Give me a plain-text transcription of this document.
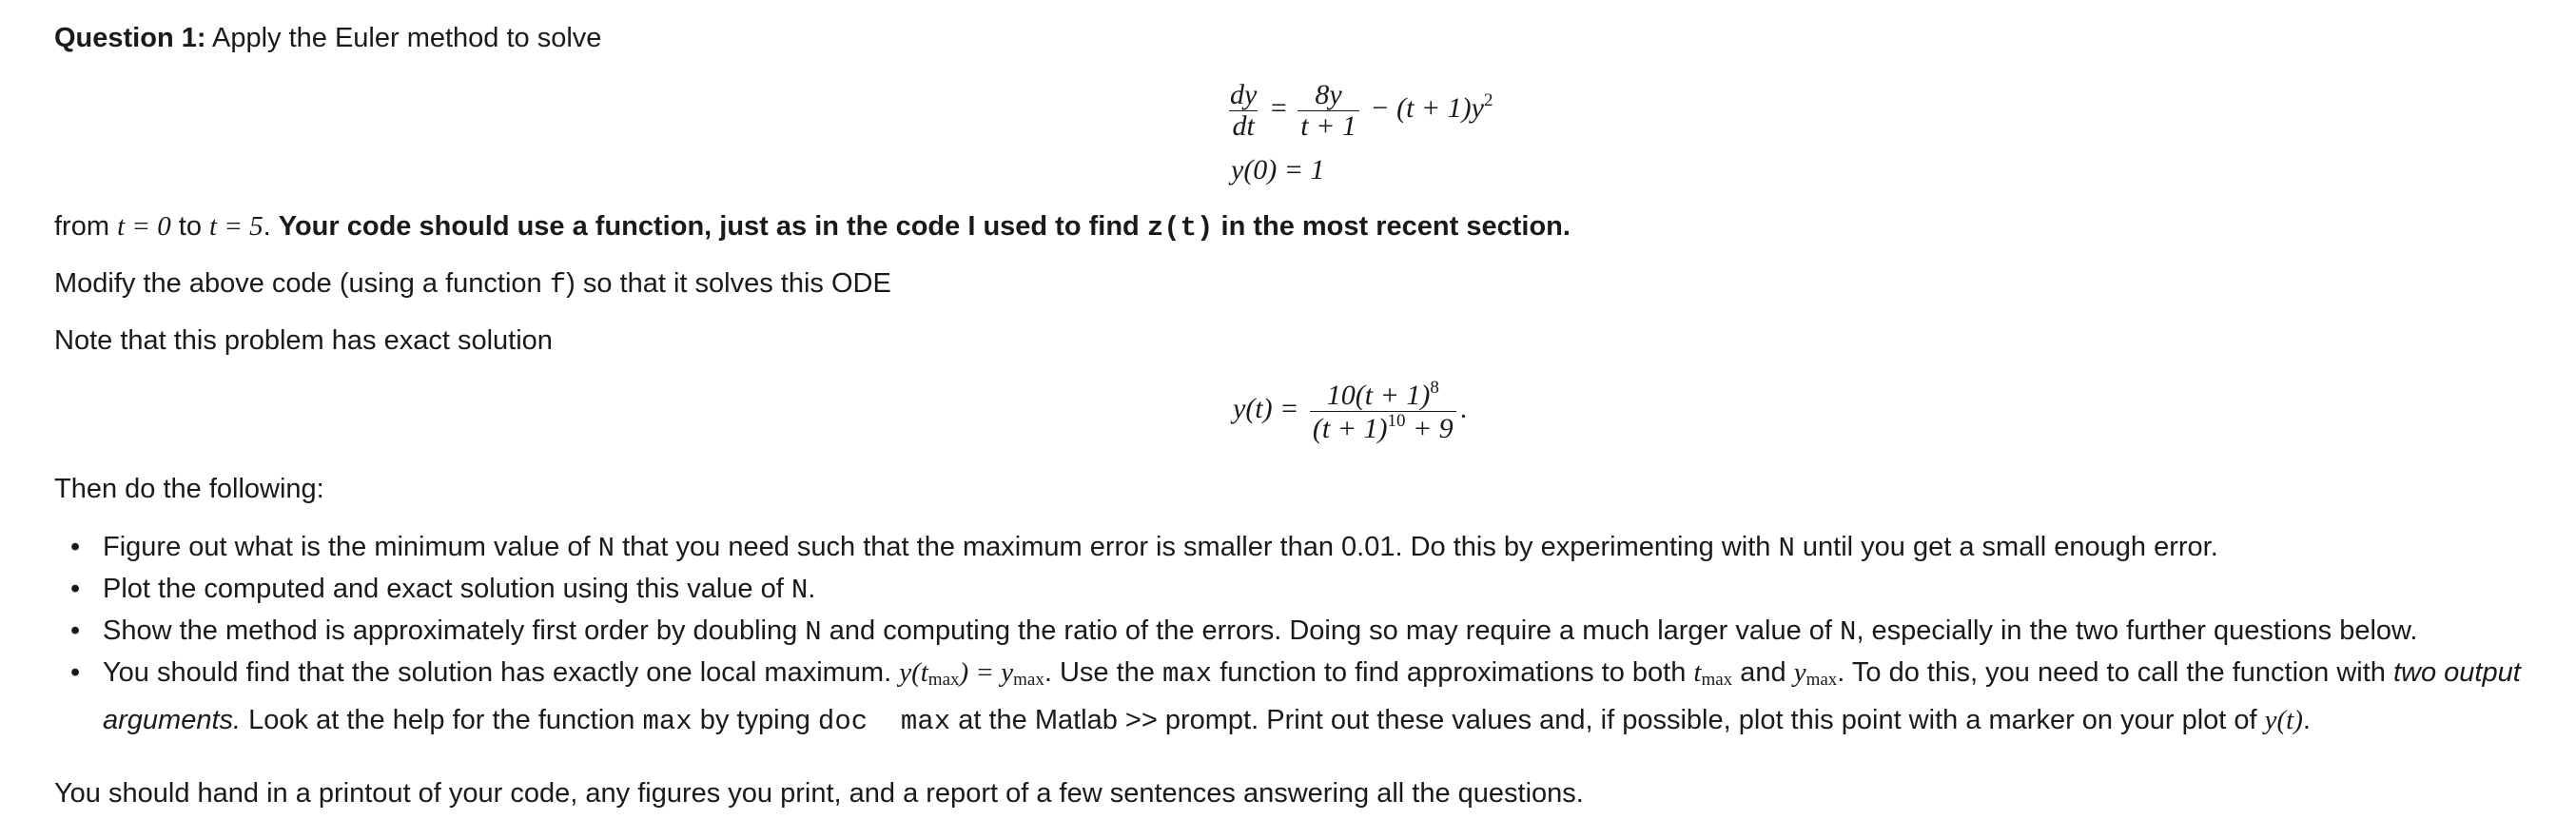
Question 1: Apply the Euler method to solve
$\frac{dy}{dt} = \frac{8y}{t + 1} - (t + 1)y^2$
y(0) = 1
from t = 0 to t = 5. Your code should use a function, just as in the code I used to find z(t) in the most recent section.
Modify the above code (using a function f) so that it solves this ODE
Note that this problem has exact solution
$y(t) = \frac{10(t + 1)^8}{(t + 1)^{10} + 9}$ .
Then do the following:
• Figure out what is the minimum value of N that you need such that the maximum error is smaller than 0.01. Do this by experimenting with N until you get a small enough error.
• Plot the computed and exact solution using this value of N.
• Show the method is approximately first order by doubling N and computing the ratio of the errors. Doing so may require a much larger value of N, especially in the two further questions below.
• You should find that the solution has exactly one local maximum. $y(t_{max}) = y_{max}$. Use the max function to find approximations to both $t_{max}$ and $y_{max}$. To do this, you need to call the function with two output arguments. Look at the help for the function max by typing doc  max at the Matlab >> prompt. Print out these values and, if possible, plot this point with a marker on your plot of y(t).
You should hand in a printout of your code, any figures you print, and a report of a few sentences answering all the questions.
